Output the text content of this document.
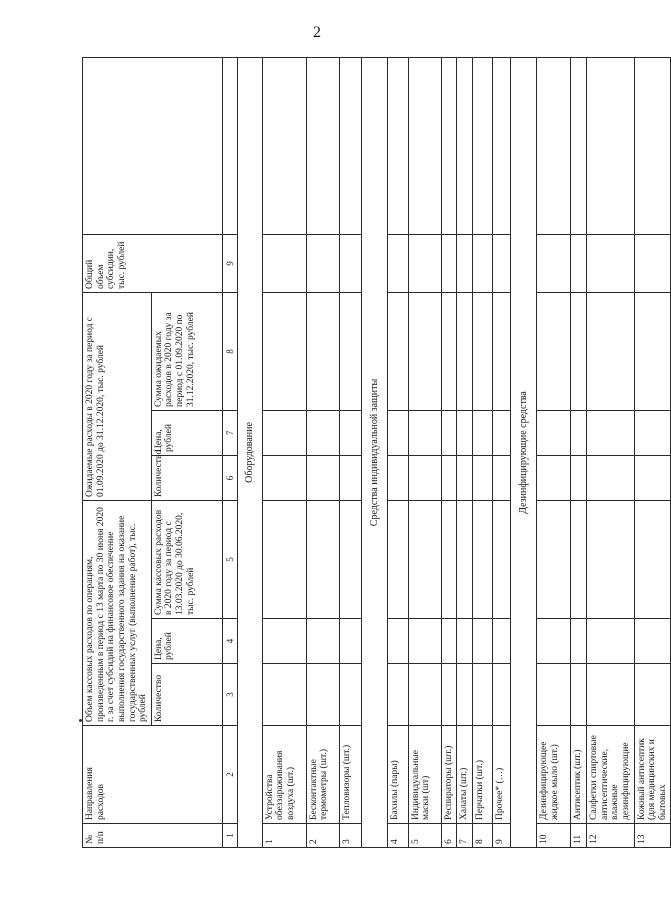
2
№ п/п	Направления расходов	Объем кассовых расходов по операциям, произведенным в период с 13 марта по 30 июня 2020 г. за счет субсидий на финансовое обеспечение выполнения государственного задания на оказание государственных услуг (выполнение работ), тыс. рублей			Ожидаемые расходы в 2020 году за период с 01.09.2020 до 31.12.2020, тыс. рублей			Общий объем субсидии, тыс. рублей	
		Количество	Цена, рублей	Сумма кассовых расходов в 2020 году за период с 13.03.2020 до 30.06.2020, тыс. рублей	Количество	Цена, рублей	Сумма ожидаемых расходов в 2020 году за период с 01.09.2020 по 31.12.2020, тыс. рублей		
1	2	3	4	5	6	7	8	9	
Оборудование									
1	Устройства обеззараживания воздуха (шт.)								
2	Бесконтактные термометры (шт.)								
3	Тепловизоры (шт.)								
Средства индивидуальной защиты									
4	Бахилы (пары)								
5	Индивидуальные маски (шт)								
6	Респираторы (шт.)								
7	Халаты (шт.)								
8	Перчатки (шт.)								
9	Прочее* (…)								
Дезинфицирующие средства									
10	Дезинфицирующее жидкое мыло (шт.)								
11	Антисептик (шт.)								
12	Салфетки спиртовые антисептические, влажные дезинфицирующие								
13	Кожный антисептик (для медицинских и бытовых								
